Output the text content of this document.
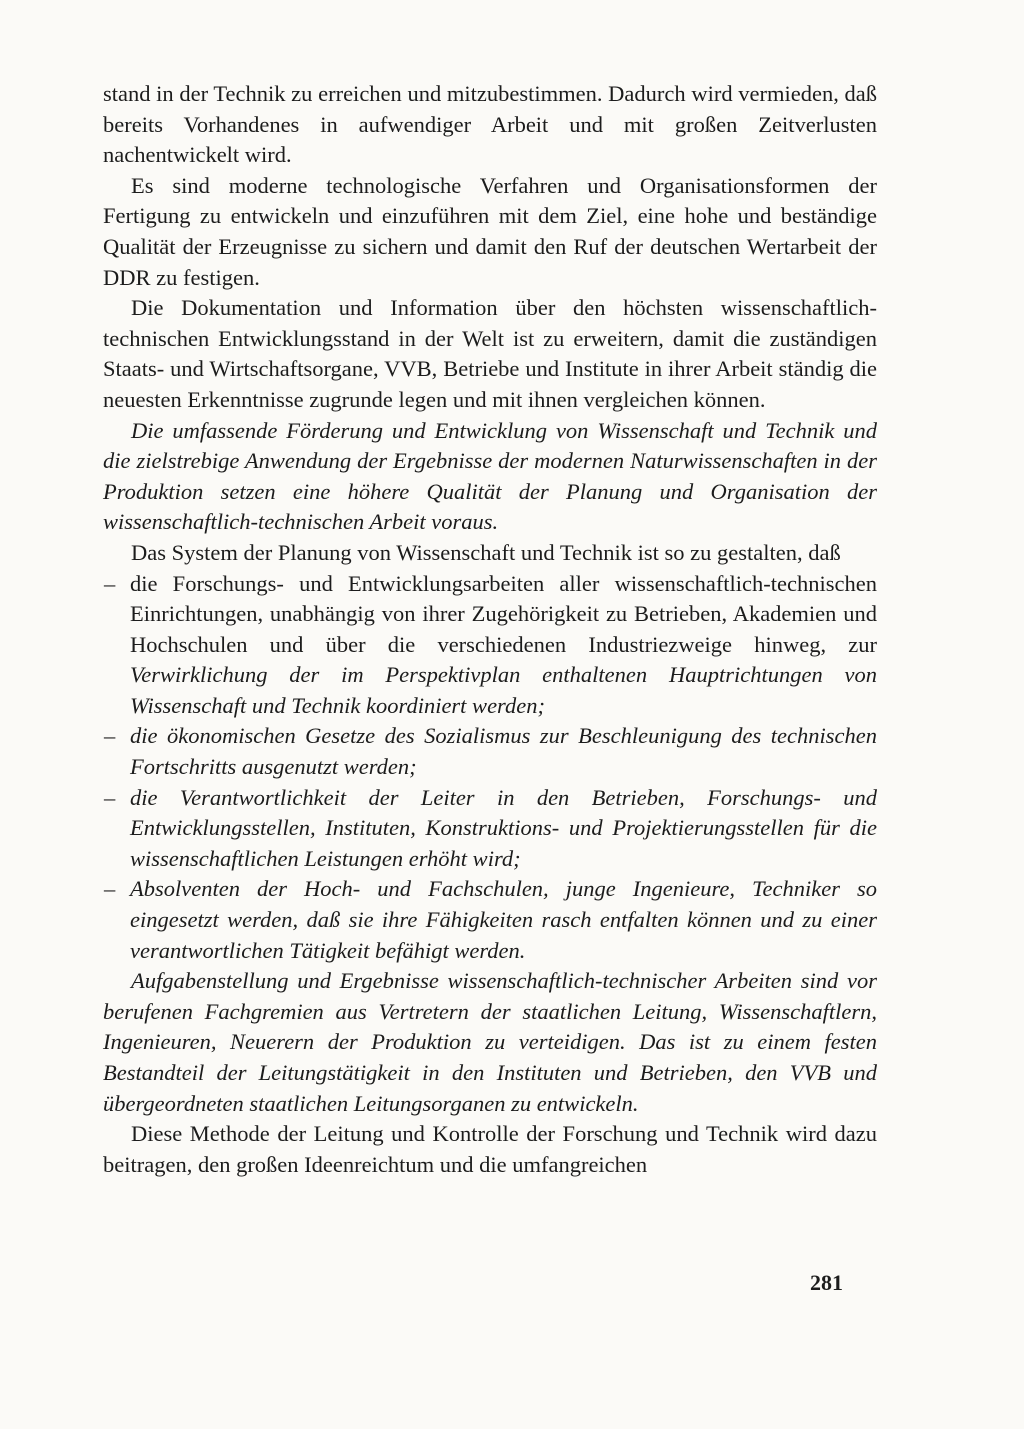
stand in der Technik zu erreichen und mitzubestimmen. Dadurch wird vermieden, daß bereits Vorhandenes in aufwendiger Arbeit und mit großen Zeitverlusten nachentwickelt wird.

Es sind moderne technologische Verfahren und Organisationsformen der Fertigung zu entwickeln und einzuführen mit dem Ziel, eine hohe und beständige Qualität der Erzeugnisse zu sichern und damit den Ruf der deutschen Wertarbeit der DDR zu festigen.

Die Dokumentation und Information über den höchsten wissenschaftlich-technischen Entwicklungsstand in der Welt ist zu erweitern, damit die zuständigen Staats- und Wirtschaftsorgane, VVB, Betriebe und Institute in ihrer Arbeit ständig die neuesten Erkenntnisse zugrunde legen und mit ihnen vergleichen können.

Die umfassende Förderung und Entwicklung von Wissenschaft und Technik und die zielstrebige Anwendung der Ergebnisse der modernen Naturwissenschaften in der Produktion setzen eine höhere Qualität der Planung und Organisation der wissenschaftlich-technischen Arbeit voraus.

Das System der Planung von Wissenschaft und Technik ist so zu gestalten, daß

– die Forschungs- und Entwicklungsarbeiten aller wissenschaftlich-technischen Einrichtungen, unabhängig von ihrer Zugehörigkeit zu Betrieben, Akademien und Hochschulen und über die verschiedenen Industriezweige hinweg, zur Verwirklichung der im Perspektivplan enthaltenen Hauptrichtungen von Wissenschaft und Technik koordiniert werden;
– die ökonomischen Gesetze des Sozialismus zur Beschleunigung des technischen Fortschritts ausgenutzt werden;
– die Verantwortlichkeit der Leiter in den Betrieben, Forschungs- und Entwicklungsstellen, Instituten, Konstruktions- und Projektierungsstellen für die wissenschaftlichen Leistungen erhöht wird;
– Absolventen der Hoch- und Fachschulen, junge Ingenieure, Techniker so eingesetzt werden, daß sie ihre Fähigkeiten rasch entfalten können und zu einer verantwortlichen Tätigkeit befähigt werden.

Aufgabenstellung und Ergebnisse wissenschaftlich-technischer Arbeiten sind vor berufenen Fachgremien aus Vertretern der staatlichen Leitung, Wissenschaftlern, Ingenieuren, Neuerern der Produktion zu verteidigen. Das ist zu einem festen Bestandteil der Leitungstätigkeit in den Instituten und Betrieben, den VVB und übergeordneten staatlichen Leitungsorganen zu entwickeln.

Diese Methode der Leitung und Kontrolle der Forschung und Technik wird dazu beitragen, den großen Ideenreichtum und die umfangreichen

281
